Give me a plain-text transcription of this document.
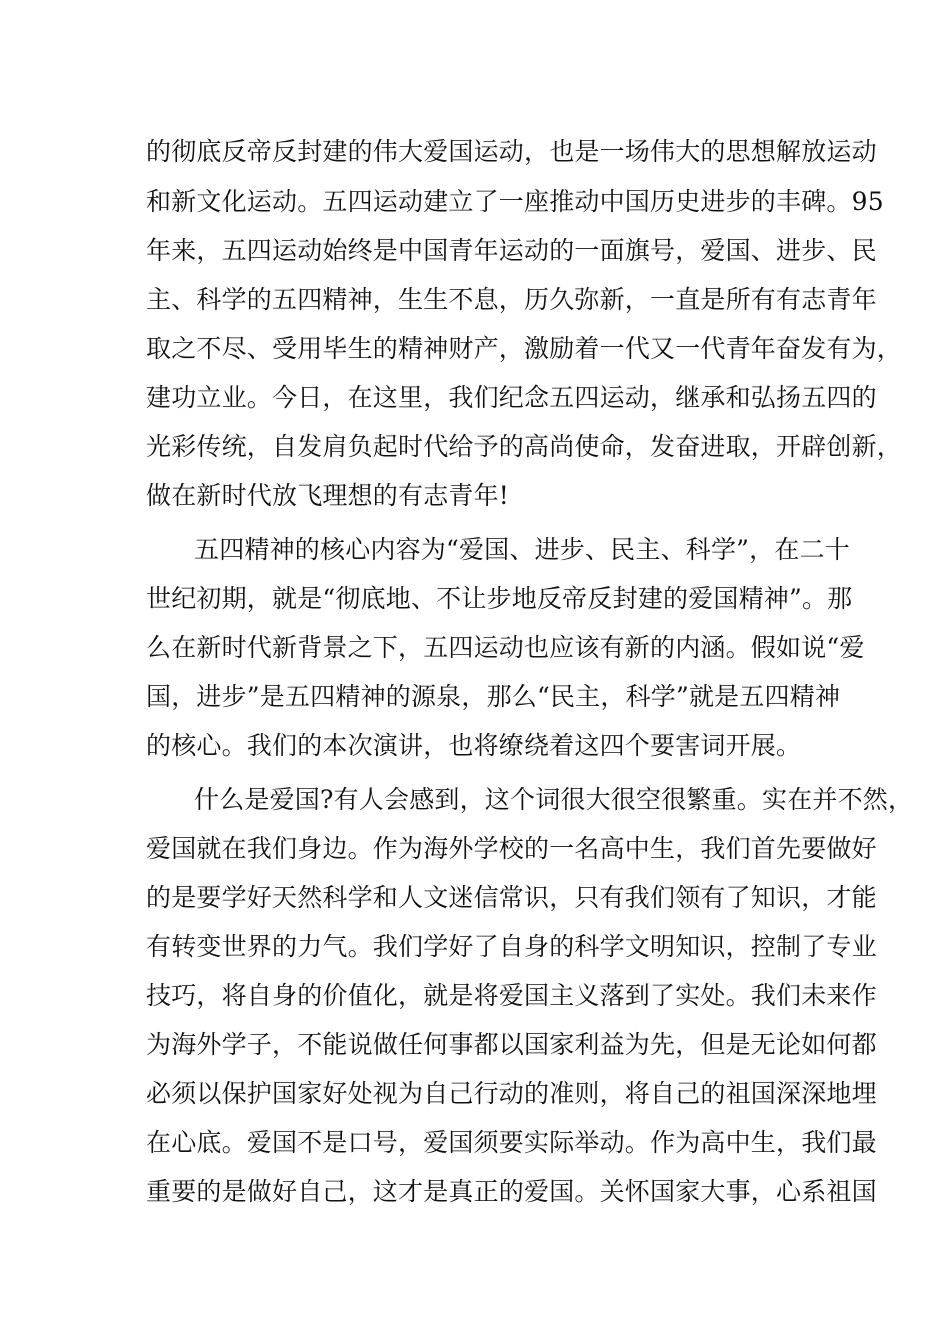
的彻底反帝反封建的伟大爱国运动，也是一场伟大的思想解放运动
和新文化运动。五四运动建立了一座推动中国历史进步的丰碑。95
年来，五四运动始终是中国青年运动的一面旗号，爱国、进步、民
主、科学的五四精神，生生不息，历久弥新，一直是所有有志青年
取之不尽、受用毕生的精神财产，激励着一代又一代青年奋发有为，
建功立业。今日，在这里，我们纪念五四运动，继承和弘扬五四的
光彩传统，自发肩负起时代给予的高尚使命，发奋进取，开辟创新，
做在新时代放飞理想的有志青年!
五四精神的核心内容为“爱国、进步、民主、科学”，在二十
世纪初期，就是“彻底地、不让步地反帝反封建的爱国精神”。那
么在新时代新背景之下，五四运动也应该有新的内涵。假如说“爱
国，进步”是五四精神的源泉，那么“民主，科学”就是五四精神
的核心。我们的本次演讲，也将缭绕着这四个要害词开展。
什么是爱国?有人会感到，这个词很大很空很繁重。实在并不然，
爱国就在我们身边。作为海外学校的一名高中生，我们首先要做好
的是要学好天然科学和人文迷信常识，只有我们领有了知识，才能
有转变世界的力气。我们学好了自身的科学文明知识，控制了专业
技巧，将自身的价值化，就是将爱国主义落到了实处。我们未来作
为海外学子，不能说做任何事都以国家利益为先，但是无论如何都
必须以保护国家好处视为自己行动的准则，将自己的祖国深深地埋
在心底。爱国不是口号，爱国须要实际举动。作为高中生，我们最
重要的是做好自己，这才是真正的爱国。关怀国家大事，心系祖国
